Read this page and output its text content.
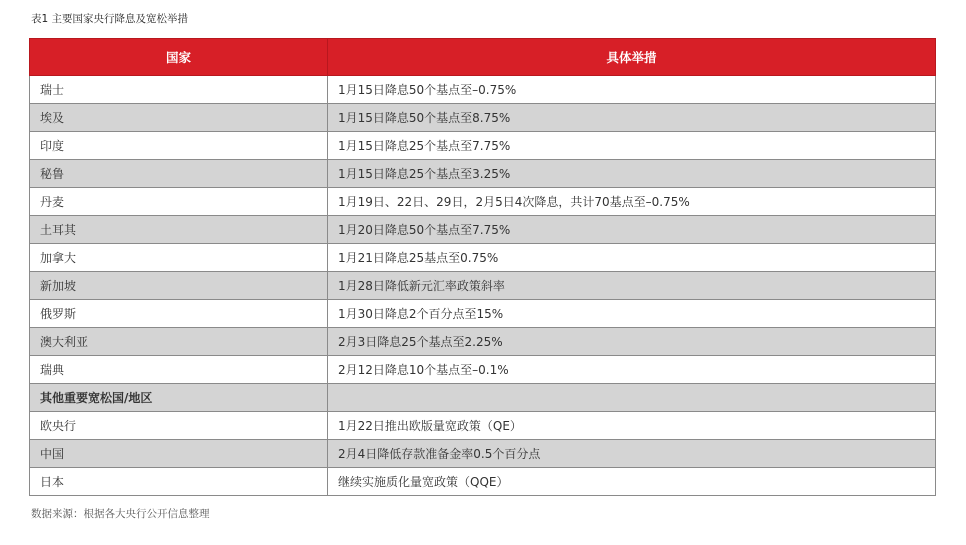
表1 主要国家央行降息及宽松举措
国家	具体举措
瑞士	1月15日降息50个基点至–0.75%
埃及	1月15日降息50个基点至8.75%
印度	1月15日降息25个基点至7.75%
秘鲁	1月15日降息25个基点至3.25%
丹麦	1月19日、22日、29日，2月5日4次降息，共计70基点至–0.75%
土耳其	1月20日降息50个基点至7.75%
加拿大	1月21日降息25基点至0.75%
新加坡	1月28日降低新元汇率政策斜率
俄罗斯	1月30日降息2个百分点至15%
澳大利亚	2月3日降息25个基点至2.25%
瑞典	2月12日降息10个基点至–0.1%
其他重要宽松国/地区	
欧央行	1月22日推出欧版量宽政策（QE）
中国	2月4日降低存款准备金率0.5个百分点
日本	继续实施质化量宽政策（QQE）
数据来源：根据各大央行公开信息整理
